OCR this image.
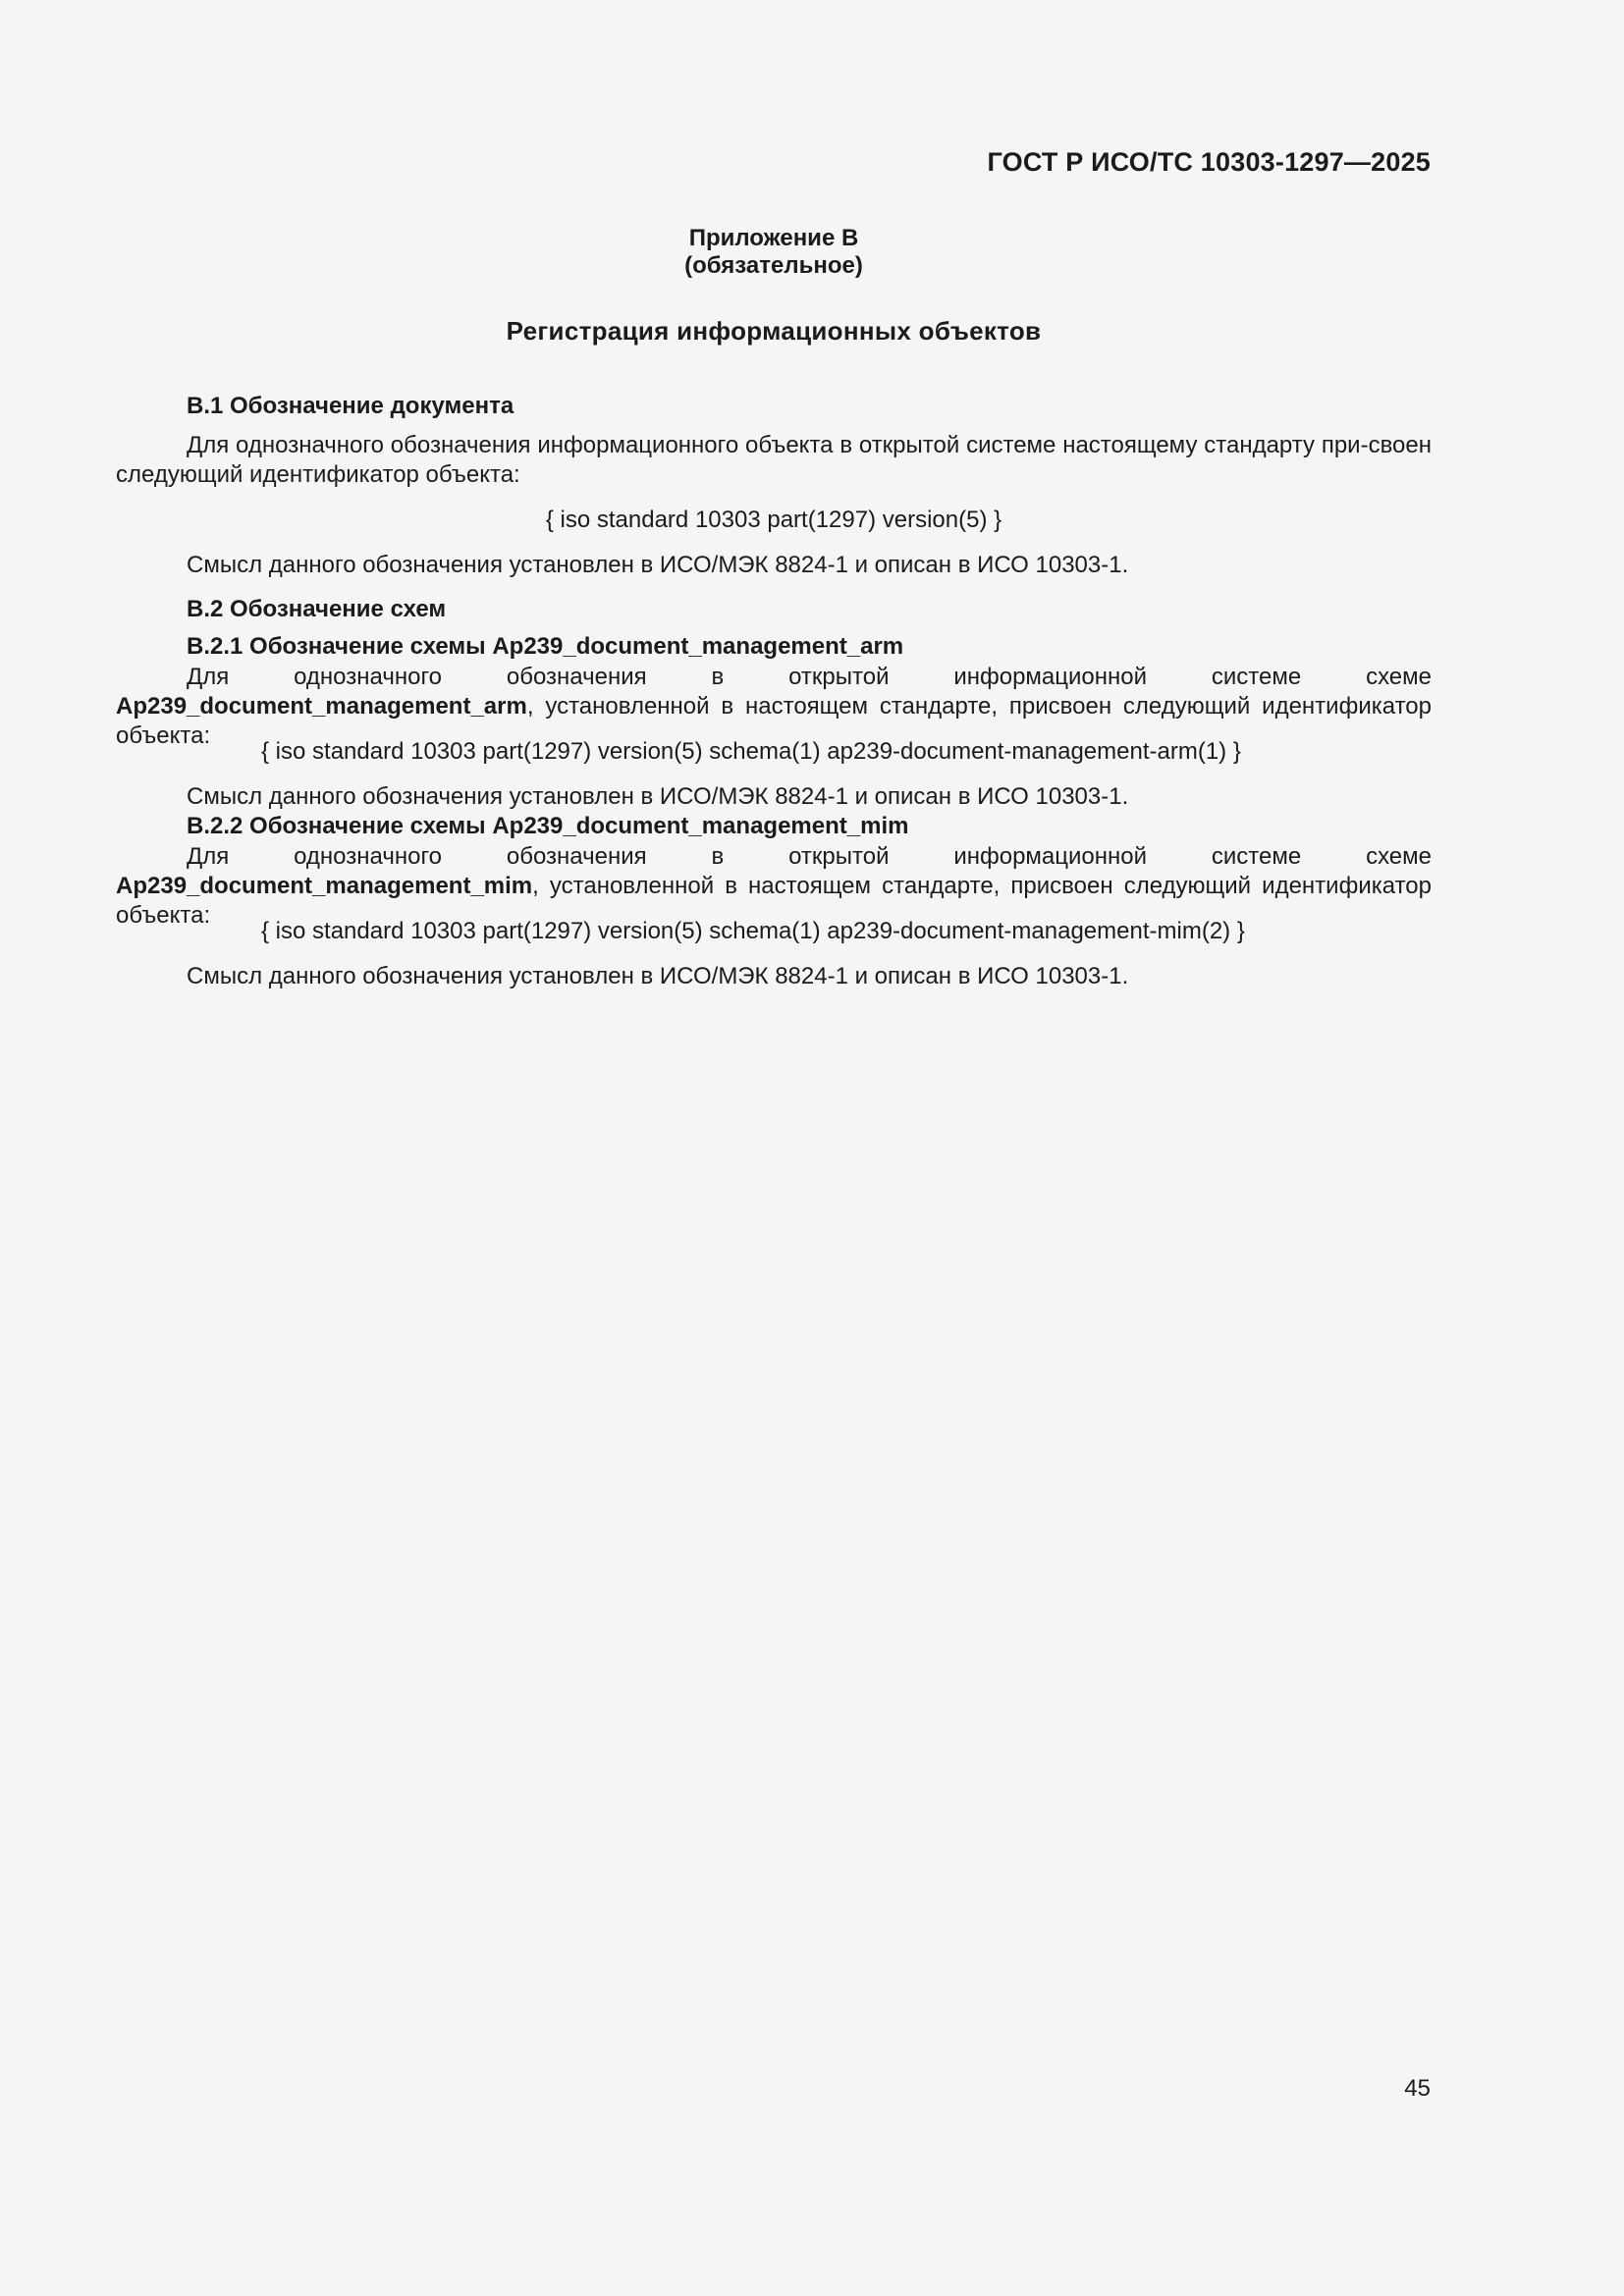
ГОСТ Р ИСО/ТС 10303-1297—2025
Приложение В
(обязательное)
Регистрация информационных объектов
В.1 Обозначение документа
Для однозначного обозначения информационного объекта в открытой системе настоящему стандарту при-своен следующий идентификатор объекта:
{ iso standard 10303 part(1297) version(5) }
Смысл данного обозначения установлен в ИСО/МЭК 8824-1 и описан в ИСО 10303-1.
В.2 Обозначение схем
В.2.1 Обозначение схемы Ap239_document_management_arm
Для однозначного обозначения в открытой информационной системе схеме Ap239_document_management_arm, установленной в настоящем стандарте, присвоен следующий идентификатор объекта:
{ iso standard 10303 part(1297) version(5) schema(1) ap239-document-management-arm(1) }
Смысл данного обозначения установлен в ИСО/МЭК 8824-1 и описан в ИСО 10303-1.
В.2.2 Обозначение схемы Ap239_document_management_mim
Для однозначного обозначения в открытой информационной системе схеме Ap239_document_management_mim, установленной в настоящем стандарте, присвоен следующий идентификатор объекта:
{ iso standard 10303 part(1297) version(5) schema(1) ap239-document-management-mim(2) }
Смысл данного обозначения установлен в ИСО/МЭК 8824-1 и описан в ИСО 10303-1.
45
